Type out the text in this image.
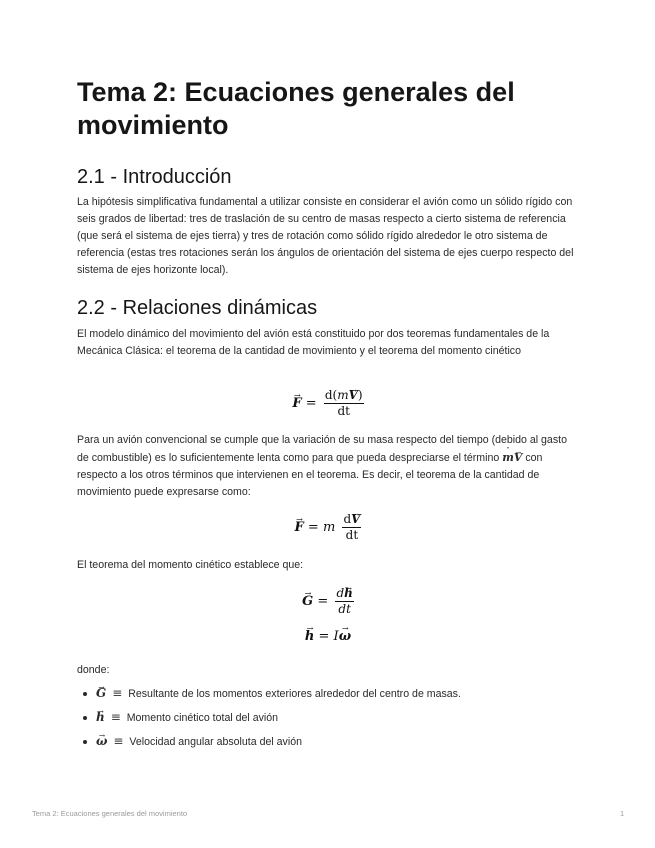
Tema 2: Ecuaciones generales del movimiento
2.1 - Introducción

La hipótesis simplificativa fundamental a utilizar consiste en considerar el avión como un sólido rígido con seis grados de libertad: tres de traslación de su centro de masas respecto a cierto sistema de referencia (que será el sistema de ejes tierra) y tres de rotación como sólido rígido alrededor le otro sistema de referencia (estas tres rotaciones serán los ángulos de orientación del sistema de ejes cuerpo respecto del sistema de ejes horizonte local).

2.2 - Relaciones dinámicas

El modelo dinámico del movimiento del avión está constituido por dos teoremas fundamentales de la Mecánica Clásica: el teorema de la cantidad de movimiento y el teorema del momento cinético

→ $F = \frac{d(m\to V)}{dt}$

Para un avión convencional se cumple que la variación de su masa respecto del tiempo (debido al gasto de combustible) es lo suficientemente lenta como para que pueda despreciarse el término ˙ m→ V con respecto a los otros términos que intervienen en el teorema. Es decir, el teorema de la cantidad de movimiento puede expresarse como:

→ F = m $\frac{d\to V}{dt}$

El teorema del momento cinético establece que:

→ $G = \frac{d\to h}{dt}$
→ h = I→ ω

donde:

→ G ≡ Resultante de los momentos exteriores alrededor del centro de masas.
→ h ≡ Momento cinético total del avión
→ ω ≡ Velocidad angular absoluta del avión
Tema 2: Ecuaciones generales del movimiento	1
